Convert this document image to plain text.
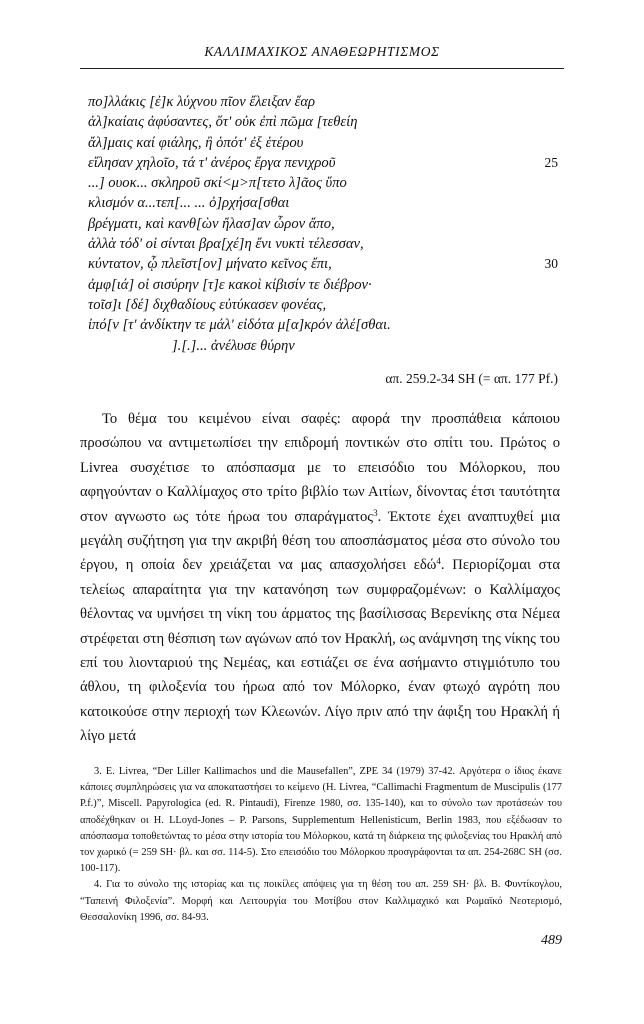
ΚΑΛΛΙΜΑΧΙΚΟΣ ΑΝΑΘΕΩΡΗΤΙΣΜΟΣ
πο]λλάκις [ἐ]κ λύχνου πῖον ἔλειξαν ἔαρ
ἀλ]καίαις ἀφύσαντες, ὅτ' οὐκ ἐπὶ πῶμα [τεθείη
ἄλ]μαις καί φιάλης, ἢ ὁπότ' ἐξ ἑτέρου
εἴλησαν χηλοῖο, τά τ' ἀνέρος ἔργα πενιχροῦ	25
...] ουοκ... σκληροῦ σκί<μ>π[τετο λ]ᾶος ὕπο
κλισμόν α...τεπ[... ... ὀ]ρχήσα[σθαι
βρέγματι, καὶ κανθ[ὼν ἤλασ]αν ὧρον ἄπο,
ἀλλὰ τόδ' οἱ σίνται βρα[χέ]η ἔνι νυκτὶ τέλεσσαν,
κύντατον, ᾧ πλεῖστ[ον] μήνατο κεῖνος ἔπι,	30
ἀμφ[ιά] οἱ σισύρην [τ]ε κακοὶ κίβισίν τε διέβρον·
τοῖσ]ι [δέ] διχθαδίους εὐτύκασεν φονέας,
ἰπό[ν [τ' ἀνδίκτην τε μάλ' εἰδότα μ[α]κρόν ἀλέ[σθαι.
].[.]... ἀνέλυσε θύρην
απ. 259.2-34 SH (= απ. 177 Pf.)

Το θέμα του κειμένου είναι σαφές: αφορά την προσπάθεια κάποιου προσώπου να αντιμετωπίσει την επιδρομή ποντικών στο σπίτι του. Πρώτος ο Livrea συσχέτισε το απόσπασμα με το επεισόδιο του Μόλορκου, που αφηγούνταν ο Καλλίμαχος στο τρίτο βιβλίο των Αιτίων, δίνοντας έτσι ταυτότητα στον αγνωστο ως τότε ήρωα του σπαράγματος$^3$. Έκτοτε έχει αναπτυχθεί μια μεγάλη συζήτηση για την ακριβή θέση του αποσπάσματος μέσα στο σύνολο του έργου, η οποία δεν χρειάζεται να μας απασχολήσει εδώ$^4$. Περιορίζομαι στα τελείως απαραίτητα για την κατανόηση των συμφραζομένων: ο Καλλίμαχος θέλοντας να υμνήσει τη νίκη του άρματος της βασίλισσας Βερενίκης στα Νέμεα στρέφεται στη θέσπιση των αγώνων από τον Ηρακλή, ως ανάμνηση της νίκης του επί του λιονταριού της Νεμέας, και εστιάζει σε ένα ασήμαντο στιγμιότυπο του άθλου, τη φιλοξενία του ήρωα από τον Μόλορκο, έναν φτωχό αγρότη που κατοικούσε στην περιοχή των Κλεωνών. Λίγο πριν από την άφιξη του Ηρακλή ή λίγο μετά

3. E. Livrea, “Der Liller Kallimachos und die Mausefallen”, ZPE 34 (1979) 37-42. Αργότερα ο ίδιος έκανε κάποιες συμπληρώσεις για να αποκαταστήσει το κείμενο (H. Livrea, “Callimachi Fragmentum de Muscipulis (177 P.f.)”, Miscell. Papyrologica (ed. R. Pintaudi), Firenze 1980, σσ. 135-140), και το σύνολο των προτάσεών του αποδέχθηκαν οι H. LLoyd-Jones – P. Parsons, Supplementum Hellenisticum, Berlin 1983, που εξέδωσαν το απόσπασμα τοποθετώντας το μέσα στην ιστορία του Μόλορκου, κατά τη διάρκεια της φιλοξενίας του Ηρακλή από τον χωρικό (= 259 SH· βλ. και σσ. 114-5). Στο επεισόδιο του Μόλορκου προσγράφονται τα απ. 254-268C SH (σσ. 100-117).

4. Για το σύνολο της ιστορίας και τις ποικίλες απόψεις για τη θέση του απ. 259 SH· βλ. Β. Φυντίκογλου, “Ταπεινή Φιλοξενία”. Μορφή και Λειτουργία του Μοτίβου στον Καλλιμαχικό και Ρωμαϊκό Νεοτερισμό, Θεσσαλονίκη 1996, σσ. 84-93.

489
